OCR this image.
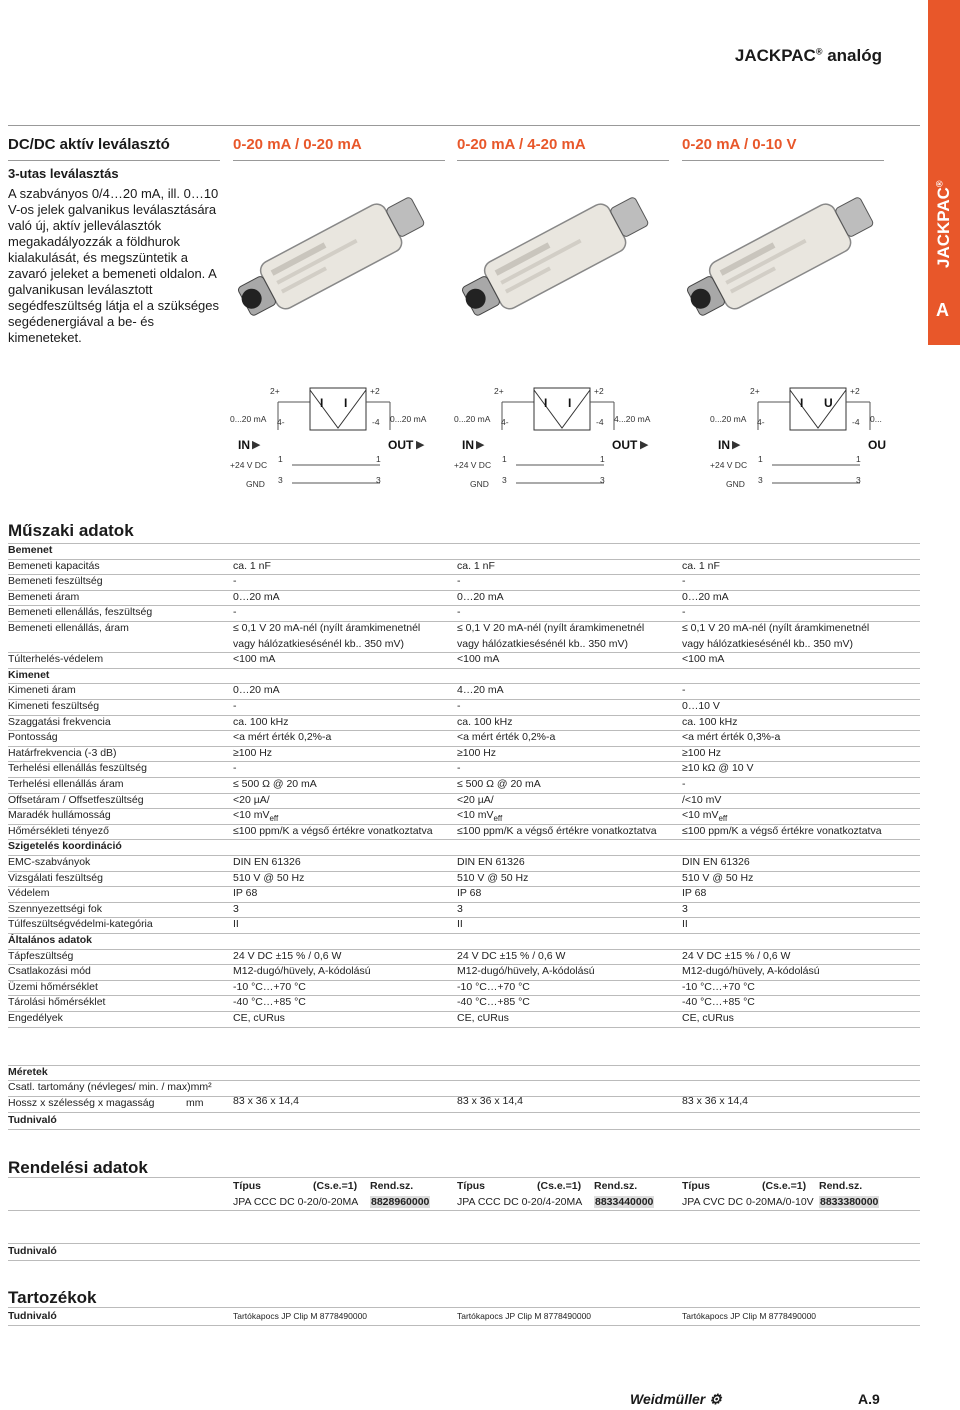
JACKPAC® analóg
JACKPAC®
A
DC/DC aktív leválasztó	0-20 mA / 0-20 mA	0-20 mA / 4-20 mA	0-20 mA / 0-10 V
3-utas leválasztás
A szabványos 0/4…20 mA, ill. 0…10 V-os jelek galvanikus leválasztására való új, aktív jelleválasztók megakadályozzák a földhurok kialakulását, és megszüntetik a zavaró jeleket a bemeneti oldalon. A galvanikusan leválasztott segédfeszültség látja el a szükséges segédenergiával a be- és kimeneteket.
2+	+2
0...20 mA 4-	-4 0...20 mA
I I
IN ▶	OUT ▶
+24 V DC
1	1
GND 3	3
2+	+2
0...20 mA 4-	-4 4...20 mA
I I
IN ▶	OUT ▶
+24 V DC
1	1
GND 3	3
2+	+2
0...20 mA 4-	-4 0...
I U
IN ▶	OU
+24 V DC
1	1
GND 3	3
Műszaki adatok
Bemenet
Bemeneti kapacitás	ca. 1 nF	ca. 1 nF	ca. 1 nF
Bemeneti feszültség	-	-	-
Bemeneti áram	0…20 mA	0…20 mA	0…20 mA
Bemeneti ellenállás, feszültség	-	-	-
Bemeneti ellenállás, áram	≤ 0,1 V 20 mA-nél (nyílt áramkimenetnél	≤ 0,1 V 20 mA-nél (nyílt áramkimenetnél	≤ 0,1 V 20 mA-nél (nyílt áramkimenetnél
vagy hálózatkiesésénél kb.. 350 mV)	vagy hálózatkiesésénél kb.. 350 mV)	vagy hálózatkiesésénél kb.. 350 mV)
Túlterhelés-védelem	<100 mA	<100 mA	<100 mA
Kimenet
Kimeneti áram	0…20 mA	4…20 mA	-
Kimeneti feszültség	-	-	0…10 V
Szaggatási frekvencia	ca. 100 kHz	ca. 100 kHz	ca. 100 kHz
Pontosság	<a mért érték 0,2%-a	<a mért érték 0,2%-a	<a mért érték 0,3%-a
Határfrekvencia (-3 dB)	≥100 Hz	≥100 Hz	≥100 Hz
Terhelési ellenállás feszültség	-	-	≥10 kΩ @ 10 V
Terhelési ellenállás áram	≤ 500 Ω @ 20 mA	≤ 500 Ω @ 20 mA	-
Offsetáram / Offsetfeszültség	<20 µA/	<20 µA/	/<10 mV
Maradék hullámosság	<10 $mV_{eff}$	<10 $mV_{eff}$	<10 $mV_{eff}$
Hőmérsékleti tényező	≤100 ppm/K a végső értékre vonatkoztatva ≤100 ppm/K a végső értékre vonatkoztatva ≤100 ppm/K a végső értékre vonatkoztatva
Szigetelés koordináció
EMC-szabványok	DIN EN 61326	DIN EN 61326	DIN EN 61326
Vizsgálati feszültség	510 V @ 50 Hz	510 V @ 50 Hz	510 V @ 50 Hz
Védelem	IP 68	IP 68	IP 68
Szennyezettségi fok	3	3	3
Túlfeszültségvédelmi-kategória	II	II	II
Általános adatok
Tápfeszültség	24 V DC ±15 % / 0,6 W	24 V DC ±15 % / 0,6 W	24 V DC ±15 % / 0,6 W
Csatlakozási mód	M12-dugó/hüvely, A-kódolású	M12-dugó/hüvely, A-kódolású	M12-dugó/hüvely, A-kódolású
Üzemi hőmérséklet	-10 °C…+70 °C	-10 °C…+70 °C	-10 °C…+70 °C
Tárolási hőmérséklet	-40 °C…+85 °C	-40 °C…+85 °C	-40 °C…+85 °C
Engedélyek	CE, cURus	CE, cURus	CE, cURus
Méretek
Csatl. tartomány (névleges/ min. / max)mm²
Hossz x szélesség x magasság	mm	83 x 36 x 14,4	83 x 36 x 14,4	83 x 36 x 14,4
Tudnivaló
Rendelési adatok
Típus	(Cs.e.=1) Rend.sz.
JPA CCC DC 0-20/0-20MA 8828960000
Típus	(Cs.e.=1) Rend.sz.
JPA CCC DC 0-20/4-20MA 8833440000
Típus	(Cs.e.=1) Rend.sz.
JPA CVC DC 0-20MA/0-10V 8833380000
Tudnivaló
Tartozékok
Tudnivaló	Tartókapocs JP Clip M 8778490000	Tartókapocs JP Clip M 8778490000	Tartókapocs JP Clip M 8778490000
Weidmüller ⚙	A.9
